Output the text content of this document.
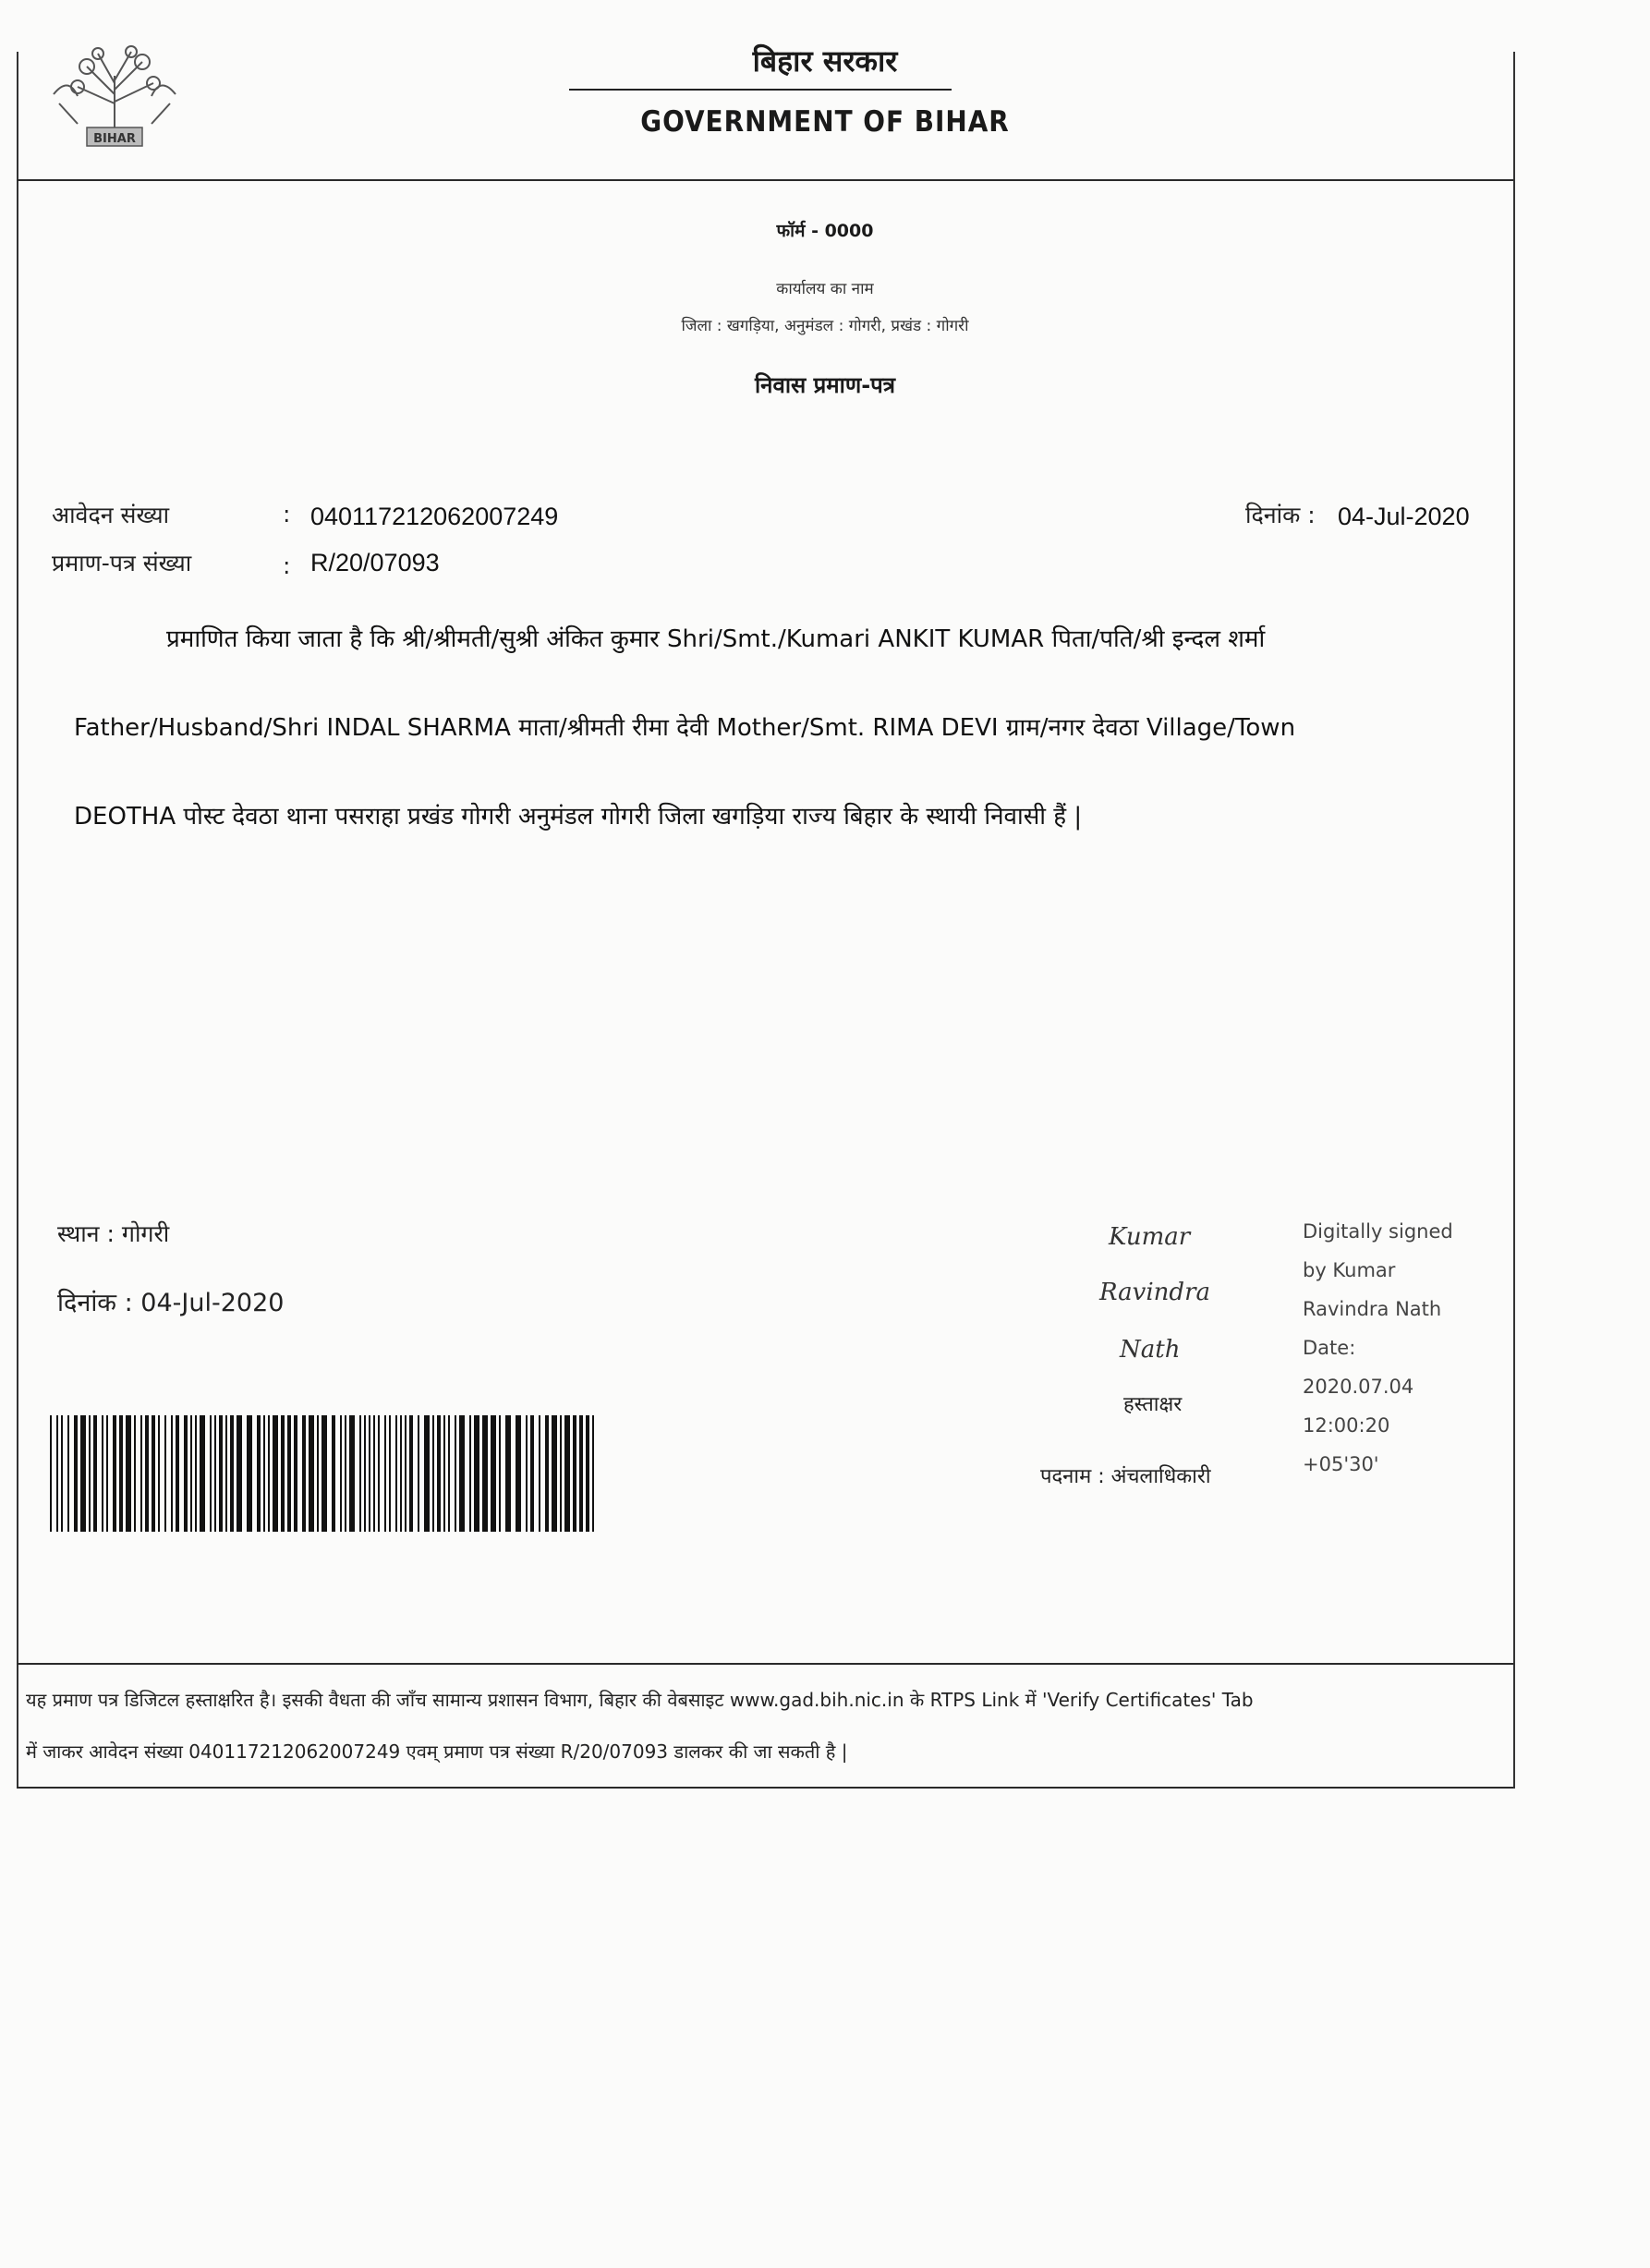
BIHAR
बिहार सरकार
GOVERNMENT OF BIHAR
फॉर्म - 0000
कार्यालय का नाम
जिला : खगड़िया, अनुमंडल : गोगरी, प्रखंड : गोगरी
निवास प्रमाण-पत्र
आवेदन संख्या	: 040117212062007249
प्रमाण-पत्र संख्या	: R/20/07093
दिनांक : 04-Jul-2020
प्रमाणित किया जाता है कि श्री/श्रीमती/सुश्री अंकित कुमार Shri/Smt./Kumari ANKIT KUMAR पिता/पति/श्री इन्दल शर्मा
Father/Husband/Shri INDAL SHARMA माता/श्रीमती रीमा देवी Mother/Smt. RIMA DEVI ग्राम/नगर देवठा Village/Town
DEOTHA पोस्ट देवठा थाना पसराहा प्रखंड गोगरी अनुमंडल गोगरी जिला खगड़िया राज्य बिहार के स्थायी निवासी हैं |
स्थान : गोगरी
दिनांक : 04-Jul-2020
Kumar
Ravindra
Nath
हस्ताक्षर
पदनाम : अंचलाधिकारी
Digitally signed
by Kumar
Ravindra Nath
Date:
2020.07.04
12:00:20
+05'30'
यह प्रमाण पत्र डिजिटल हस्ताक्षरित है। इसकी वैधता की जाँच सामान्य प्रशासन विभाग, बिहार की वेबसाइट www.gad.bih.nic.in के RTPS Link में 'Verify Certificates' Tab
में जाकर आवेदन संख्या 040117212062007249 एवम् प्रमाण पत्र संख्या R/20/07093 डालकर की जा सकती है |
